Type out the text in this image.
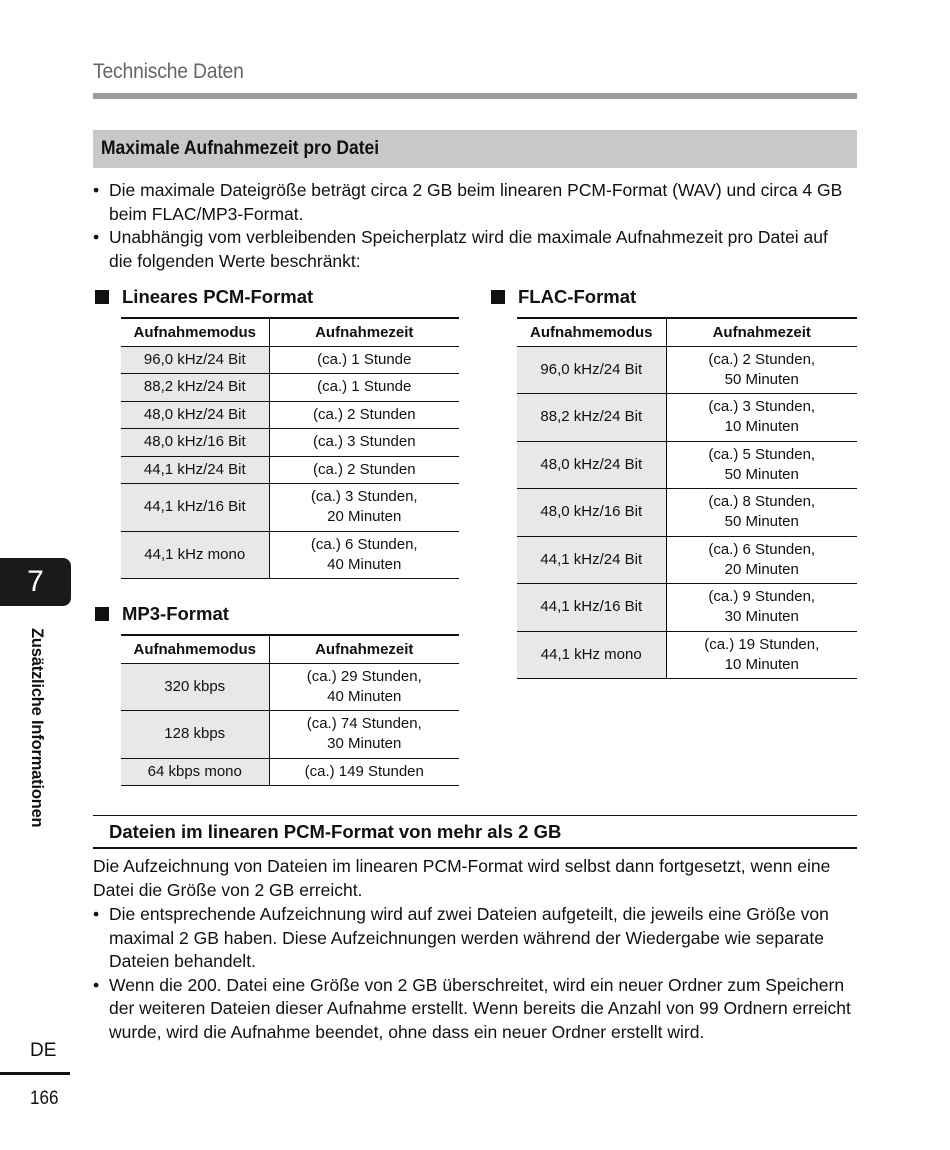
Technische Daten
Maximale Aufnahmezeit pro Datei
• Die maximale Dateigröße beträgt circa 2 GB beim linearen PCM-Format (WAV) und circa 4 GB beim FLAC/MP3-Format.
• Unabhängig vom verbleibenden Speicherplatz wird die maximale Aufnahmezeit pro Datei auf die folgenden Werte beschränkt:
Lineares PCM-Format
Aufnahmemodus	Aufnahmezeit
96,0 kHz/24 Bit	(ca.) 1 Stunde
88,2 kHz/24 Bit	(ca.) 1 Stunde
48,0 kHz/24 Bit	(ca.) 2 Stunden
48,0 kHz/16 Bit	(ca.) 3 Stunden
44,1 kHz/24 Bit	(ca.) 2 Stunden
44,1 kHz/16 Bit	(ca.) 3 Stunden,
20 Minuten
44,1 kHz mono	(ca.) 6 Stunden,
40 Minuten
MP3-Format
Aufnahmemodus	Aufnahmezeit
320 kbps	(ca.) 29 Stunden,
40 Minuten
128 kbps	(ca.) 74 Stunden,
30 Minuten
64 kbps mono	(ca.) 149 Stunden
FLAC-Format
Aufnahmemodus	Aufnahmezeit
96,0 kHz/24 Bit	(ca.) 2 Stunden,
50 Minuten
88,2 kHz/24 Bit	(ca.) 3 Stunden,
10 Minuten
48,0 kHz/24 Bit	(ca.) 5 Stunden,
50 Minuten
48,0 kHz/16 Bit	(ca.) 8 Stunden,
50 Minuten
44,1 kHz/24 Bit	(ca.) 6 Stunden,
20 Minuten
44,1 kHz/16 Bit	(ca.) 9 Stunden,
30 Minuten
44,1 kHz mono	(ca.) 19 Stunden,
10 Minuten
7
Zusätzliche Informationen
Dateien im linearen PCM-Format von mehr als 2 GB

Die Aufzeichnung von Dateien im linearen PCM-Format wird selbst dann fortgesetzt, wenn eine Datei die Größe von 2 GB erreicht.

• Die entsprechende Aufzeichnung wird auf zwei Dateien aufgeteilt, die jeweils eine Größe von maximal 2 GB haben. Diese Aufzeichnungen werden während der Wiedergabe wie separate Dateien behandelt.
• Wenn die 200. Datei eine Größe von 2 GB überschreitet, wird ein neuer Ordner zum Speichern der weiteren Dateien dieser Aufnahme erstellt. Wenn bereits die Anzahl von 99 Ordnern erreicht wurde, wird die Aufnahme beendet, ohne dass ein neuer Ordner erstellt wird.
DE
166
